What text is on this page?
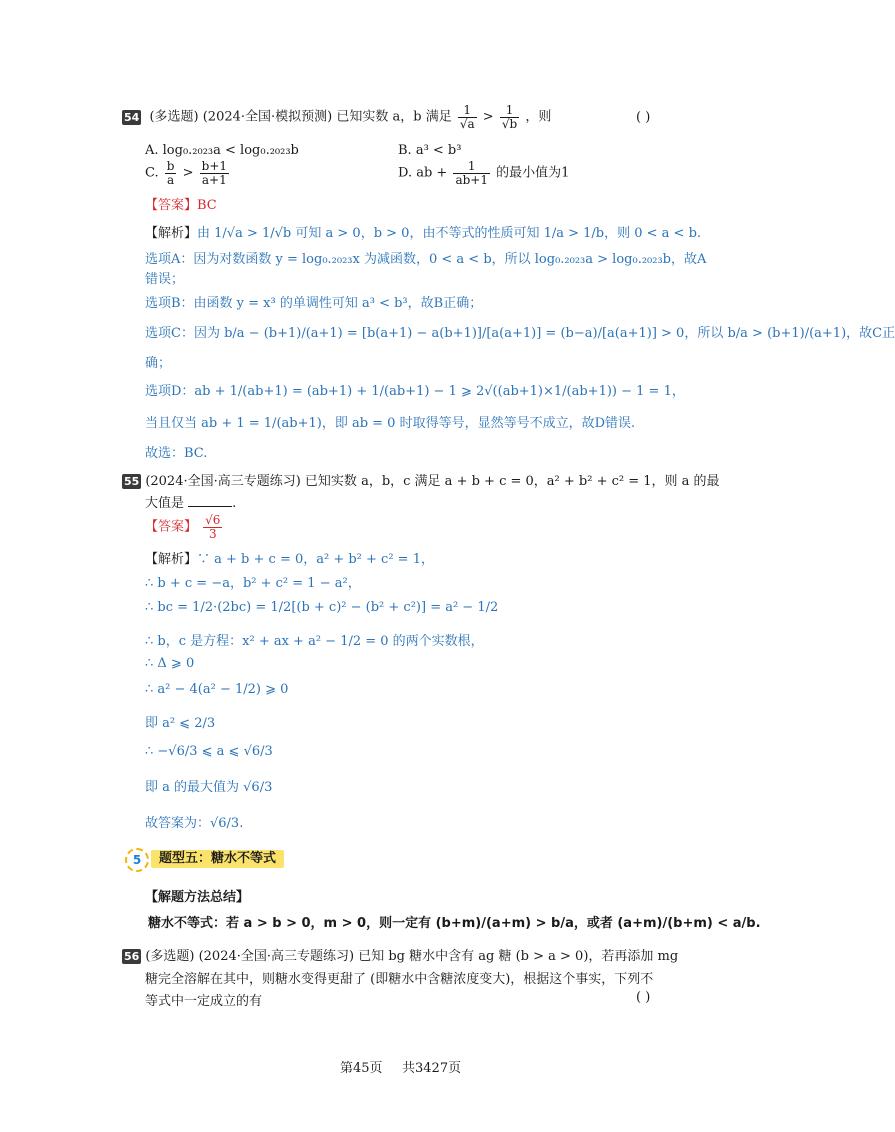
54 (多选题) (2024·全国·模拟预测) 已知实数 a，b 满足 $\frac{1}{√a} > \frac{1}{√b}$ ，则	( )
A. log₀.₂₀₂₃a < log₀.₂₀₂₃b	B. a³ < b³
C. $\frac{b}{a} > \frac{b+1}{a+1}$	D. ab + $\frac{1}{ab+1}$ 的最小值为1
【答案】BC
【解析】由 1/√a > 1/√b 可知 a > 0，b > 0，由不等式的性质可知 1/a > 1/b，则 0 < a < b.
选项A：因为对数函数 y = log₀.₂₀₂₃x 为减函数，0 < a < b，所以 log₀.₂₀₂₃a > log₀.₂₀₂₃b，故A
错误；
选项B：由函数 y = x³ 的单调性可知 a³ < b³，故B正确；
选项C：因为 b/a − (b+1)/(a+1) = [b(a+1) − a(b+1)]/[a(a+1)] = (b−a)/[a(a+1)] > 0，所以 b/a > (b+1)/(a+1)，故C正
确；
选项D：ab + 1/(ab+1) = (ab+1) + 1/(ab+1) − 1 ⩾ 2√((ab+1)×1/(ab+1)) − 1 = 1，
当且仅当 ab + 1 = 1/(ab+1)，即 ab = 0 时取得等号，显然等号不成立，故D错误.
故选：BC.
55 (2024·全国·高三专题练习) 已知实数 a，b，c 满足 a + b + c = 0，a² + b² + c² = 1，则 a 的最
大值是	.
【答案】 $\frac{√6}{3}$
【解析】∵ a + b + c = 0，a² + b² + c² = 1，
∴ b + c = −a，b² + c² = 1 − a²，
∴ bc = 1/2·(2bc) = 1/2[(b + c)² − (b² + c²)] = a² − 1/2
∴ b，c 是方程：x² + ax + a² − 1/2 = 0 的两个实数根，
∴ Δ ⩾ 0
∴ a² − 4(a² − 1/2) ⩾ 0
即 a² ⩽ 2/3
∴ −√6/3 ⩽ a ⩽ √6/3
即 a 的最大值为 √6/3
故答案为：√6/3.
5	题型五：糖水不等式
【解题方法总结】
糖水不等式：若 a > b > 0，m > 0，则一定有 (b+m)/(a+m) > b/a，或者 (a+m)/(b+m) < a/b.
56 (多选题) (2024·全国·高三专题练习) 已知 bg 糖水中含有 ag 糖 (b > a > 0)，若再添加 mg
糖完全溶解在其中，则糖水变得更甜了 (即糖水中含糖浓度变大)，根据这个事实，下列不
等式中一定成立的有	( )
第45页 共3427页
